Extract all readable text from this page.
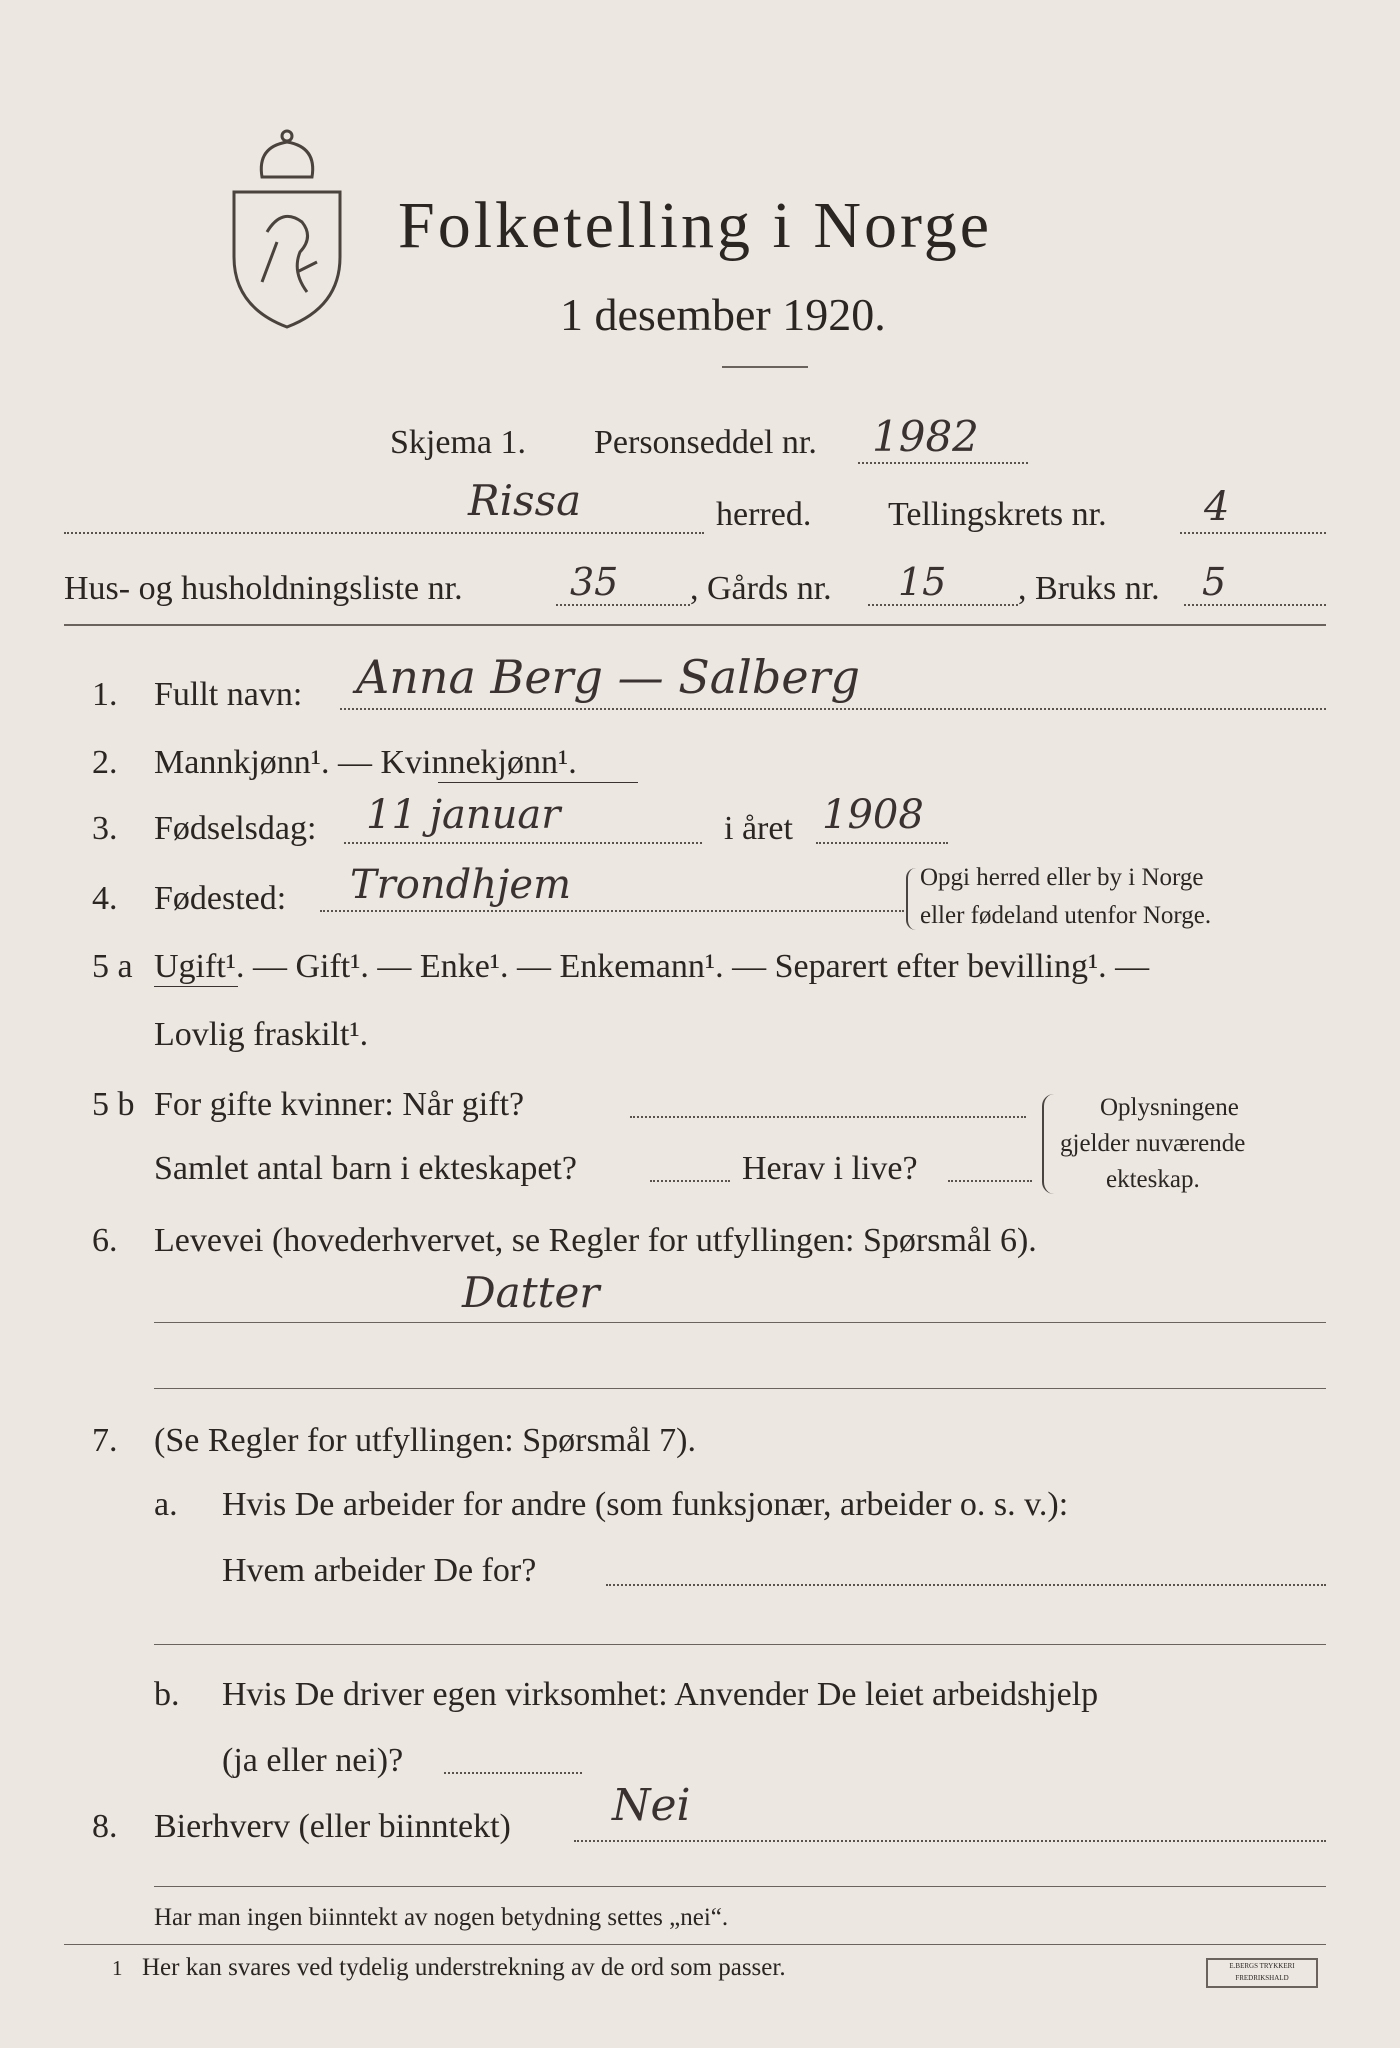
Folketelling i Norge
1 desember 1920.
Skjema 1. Personseddel nr. 1982
Rissa	herred. Tellingskrets nr. 4
Hus- og husholdningsliste nr.	35 , Gårds nr. 15 , Bruks nr. 5
1. Fullt navn: Anna Berg — Salberg
2. Mannkjønn¹. — Kvinnekjønn¹.
3. Fødselsdag: 11 januar	i året 1908
4. Fødested: Trondhjem	Opgi herred eller by i Norge
eller fødeland utenfor Norge.
5 a Ugift¹. — Gift¹. — Enke¹. — Enkemann¹. — Separert efter bevilling¹. —
Lovlig fraskilt¹.
5 b For gifte kvinner: Når gift?
Samlet antal barn i ekteskapet?	Herav i live?
Oplysningene
gjelder nuværende
ekteskap.
6. Levevei (hovederhvervet, se Regler for utfyllingen: Spørsmål 6).
Datter
7. (Se Regler for utfyllingen: Spørsmål 7).
a. Hvis De arbeider for andre (som funksjonær, arbeider o. s. v.):
Hvem arbeider De for?
b. Hvis De driver egen virksomhet: Anvender De leiet arbeidshjelp
(ja eller nei)?
8. Bierhverv (eller biinntekt) Nei
Har man ingen biinntekt av nogen betydning settes „nei“.
1 Her kan svares ved tydelig understrekning av de ord som passer.	E.BERGS TRYKKERI FREDRIKSHALD
